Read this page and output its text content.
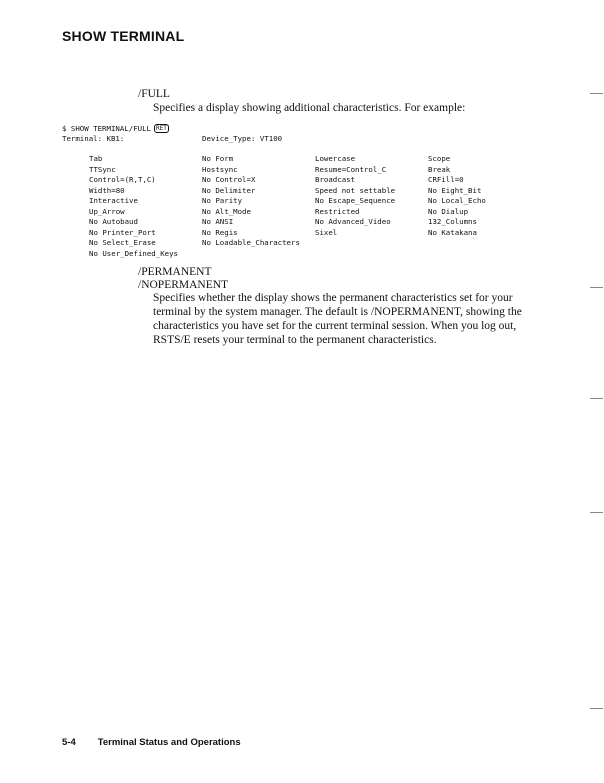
SHOW TERMINAL
/FULL
Specifies a display showing additional characteristics. For example:
$ SHOW TERMINAL/FULL RET
Terminal: KB1:	Device_Type: VT100
Tab	No Form	Lowercase	Scope
TTSync	Hostsync	Resume=Control_C	Break
Control=(R,T,C)	No Control=X	Broadcast	CRFill=0
Width=80	No Delimiter	Speed not settable	No Eight_Bit
Interactive	No Parity	No Escape_Sequence	No Local_Echo
Up_Arrow	No Alt_Mode	Restricted	No Dialup
No Autobaud	No ANSI	No Advanced_Video	132_Columns
No Printer_Port	No Regis	Sixel	No Katakana
No Select_Erase	No Loadable_Characters
No User_Defined_Keys
/PERMANENT
/NOPERMANENT
Specifies whether the display shows the permanent characteristics set for your terminal by the system manager. The default is /NOPERMANENT, showing the characteristics you have set for the current terminal session. When you log out, RSTS/E resets your terminal to the permanent characteristics.
5-4 Terminal Status and Operations
